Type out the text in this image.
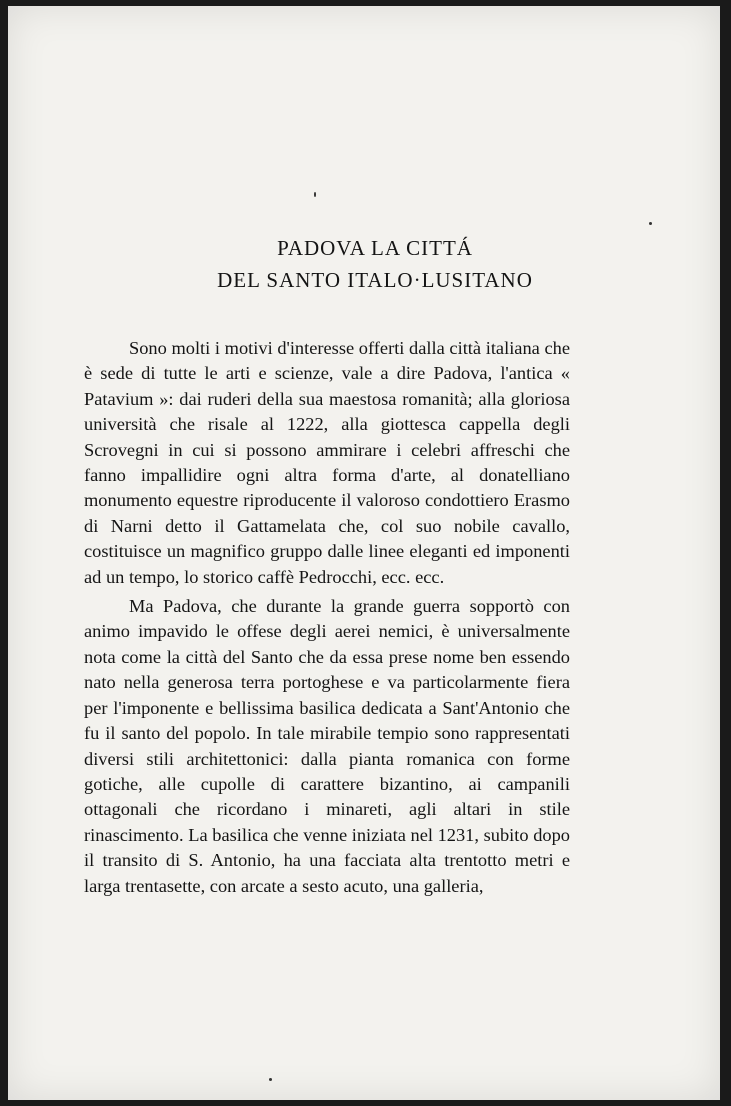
PADOVA LA CITTÁ
DEL SANTO ITALO·LUSITANO

Sono molti i motivi d'interesse offerti dalla città italiana che è sede di tutte le arti e scienze, vale a dire Padova, l'antica « Patavium »: dai ruderi della sua maestosa romanità; alla gloriosa università che risale al 1222, alla giottesca cappella degli Scrovegni in cui si possono ammirare i celebri affreschi che fanno impallidire ogni altra forma d'arte, al donatelliano monumento equestre riproducente il valoroso condottiero Erasmo di Narni detto il Gattamelata che, col suo nobile cavallo, costituisce un magnifico gruppo dalle linee eleganti ed imponenti ad un tempo, lo storico caffè Pedrocchi, ecc. ecc.

Ma Padova, che durante la grande guerra sopportò con animo impavido le offese degli aerei nemici, è universalmente nota come la città del Santo che da essa prese nome ben essendo nato nella generosa terra portoghese e va particolarmente fiera per l'imponente e bellissima basilica dedicata a Sant'Antonio che fu il santo del popolo. In tale mirabile tempio sono rappresentati diversi stili architettonici: dalla pianta romanica con forme gotiche, alle cupolle di carattere bizantino, ai campanili ottagonali che ricordano i minareti, agli altari in stile rinascimento. La basilica che venne iniziata nel 1231, subito dopo il transito di S. Antonio, ha una facciata alta trentotto metri e larga trentasette, con arcate a sesto acuto, una galleria,
